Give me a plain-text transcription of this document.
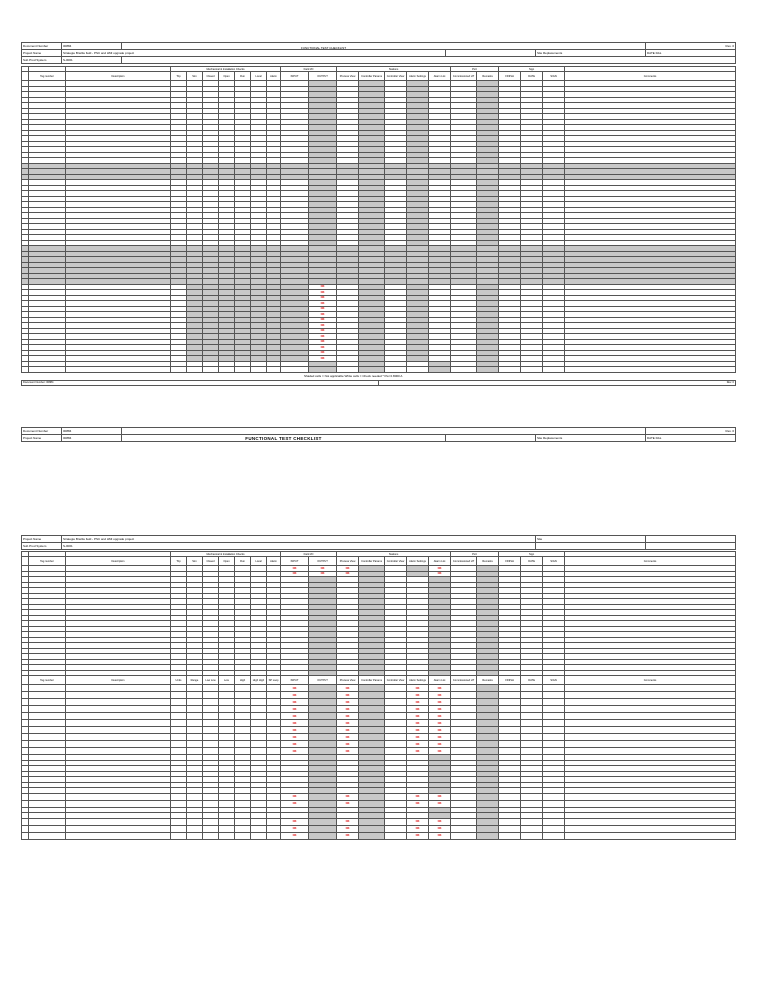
Document Number	00884				Rev. 0
Project Name	Strategie Brazile field - PSC and HMI upgrade project			Site Replacements	DATE DAL
Sub Prod System	S-0001				
FUNCTIONAL TEST CHECKLIST
			Mechanical & Installation Checks							Field I/O		Stations					PLC		Sign			
	Tag number	Description	Trip	Sim	Closed	Open	Run	Local	Alarm	INPUT	OUTPUT	Process View	Controller Params	Controller View	Alarm Settings	Alarm List	Commissioned HT	Remarks	FINISH	DATE	SIGN	Comments

											OK											
											OK											
											OK											
											OK											
											OK											
											OK											
											OK											
											OK											
											OK											
											OK											
											OK											
											OK											
											OK											
											OK											

Shaded cells = Not applicable White cells = Check needed * Pwr 0.8000 A
Document Number: 00884	Rev. 0
Document Number	00884				Rev. 0
Project Name	00884	FUNCTIONAL TEST CHECKLIST		Site Replacements	DATE DAL
Project Name	Strategie Brazile field - PSC and HMI upgrade project	Site	
Sub Prod System	S-0001		
			Mechanical & Installation Checks							Field I/O		Stations					PLC		Sign			
	Tag number	Description	Trip	Sim	Closed	Open	Run	Local	Alarm	INPUT	OUTPUT	Process View	Controller Params	Controller View	Alarm Settings	Alarm List	Commissioned HT	Remarks	FINISH	DATE	SIGN	Comments
										OK	OK	OK				OK						
										OK	OK	OK				OK						

	Tag number	Description	Units	Range	Low Low	Low	High	High High	SP Loop	INPUT	OUTPUT	Process View	Controller Params	Controller View	Alarm Settings	Alarm List	Commissioned HT	Remarks	FINISH	DATE	SIGN	Comments
										OK		OK			OK	OK						
										OK		OK			OK	OK						
										OK		OK			OK	OK						
										OK		OK			OK	OK						
										OK		OK			OK	OK						
										OK		OK			OK	OK						
										OK		OK			OK	OK						
										OK		OK			OK	OK						
										OK		OK			OK	OK						
										OK		OK			OK	OK						

										OK		OK			OK	OK						
										OK		OK			OK	OK						

										OK		OK			OK	OK						
										OK		OK			OK	OK						
										OK		OK			OK	OK						
